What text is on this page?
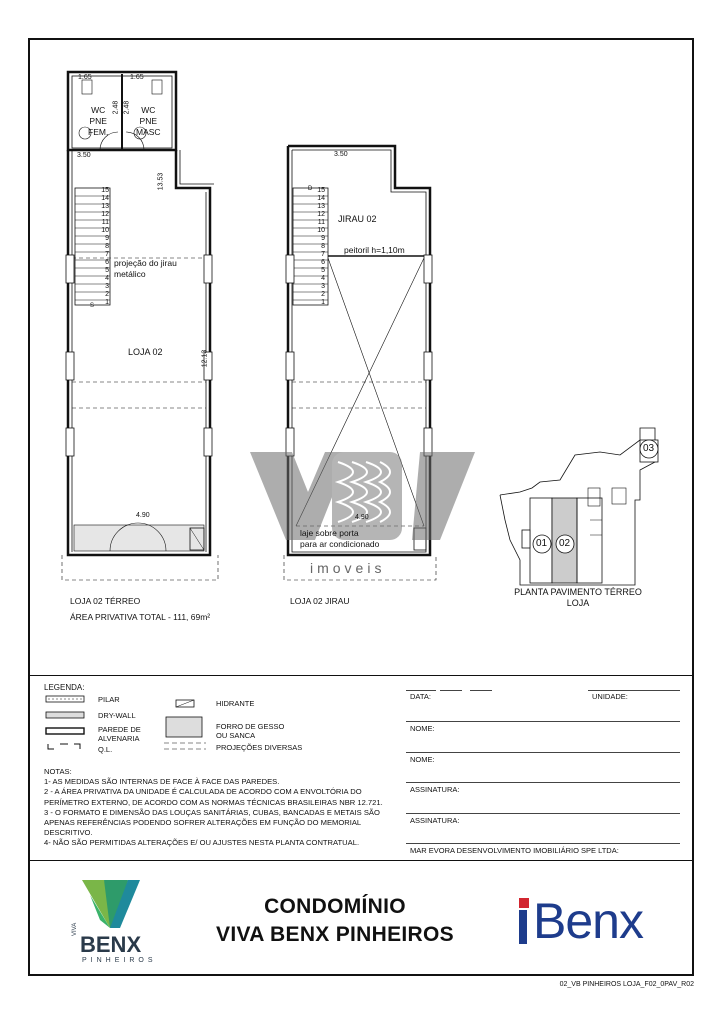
1.65	1.65
2.48 2.48
WC
PNE
FEM.
WC
PNE
MASC
3.50
13.53
projeção do jirau
metálico
LOJA 02	12.13
4.90
3.50
JIRAU 02
peitoril h=1,10m
4.90
laje sobre porta
para ar condicionado
15
14
13
12
11
10
9
8
7
6
5
4
3
2
1
S
15
14
13
12
11
10
9
8
7
6
5
4
3
2
1
D
imoveis
LOJA 02 TÉRREO
ÁREA PRIVATIVA TOTAL - 111, 69m²
LOJA 02 JIRAU
PLANTA PAVIMENTO TÉRREO
LOJA
01 02
03
LEGENDA:
PILAR
DRY-WALL
PAREDE DE
ALVENARIA
Q.L.
HIDRANTE
FORRO DE GESSO
OU SANCA
PROJEÇÕES DIVERSAS
NOTAS:
1- AS MEDIDAS SÃO INTERNAS DE FACE À FACE DAS PAREDES.
2 - A ÁREA PRIVATIVA DA UNIDADE É CALCULADA DE ACORDO COM A ENVOLTÓRIA DO PERÍMETRO EXTERNO, DE ACORDO COM AS NORMAS TÉCNICAS BRASILEIRAS NBR 12.721.
3 - O FORMATO E DIMENSÃO DAS LOUÇAS SANITÁRIAS, CUBAS, BANCADAS E METAIS SÃO APENAS REFERÊNCIAS PODENDO SOFRER ALTERAÇÕES EM FUNÇÃO DO MEMORIAL DESCRITIVO.
4- NÃO SÃO PERMITIDAS ALTERAÇÕES E/ OU AJUSTES NESTA PLANTA CONTRATUAL.
DATA:	UNIDADE:
NOME:
NOME:
ASSINATURA:
ASSINATURA:
MAR EVORA DESENVOLVIMENTO IMOBILIÁRIO SPE LTDA:
CONDOMÍNIO
VIVA BENX PINHEIROS
VIVA
BENX
PINHEIROS
Benx
02_VB PINHEIROS LOJA_F02_0PAV_R02
